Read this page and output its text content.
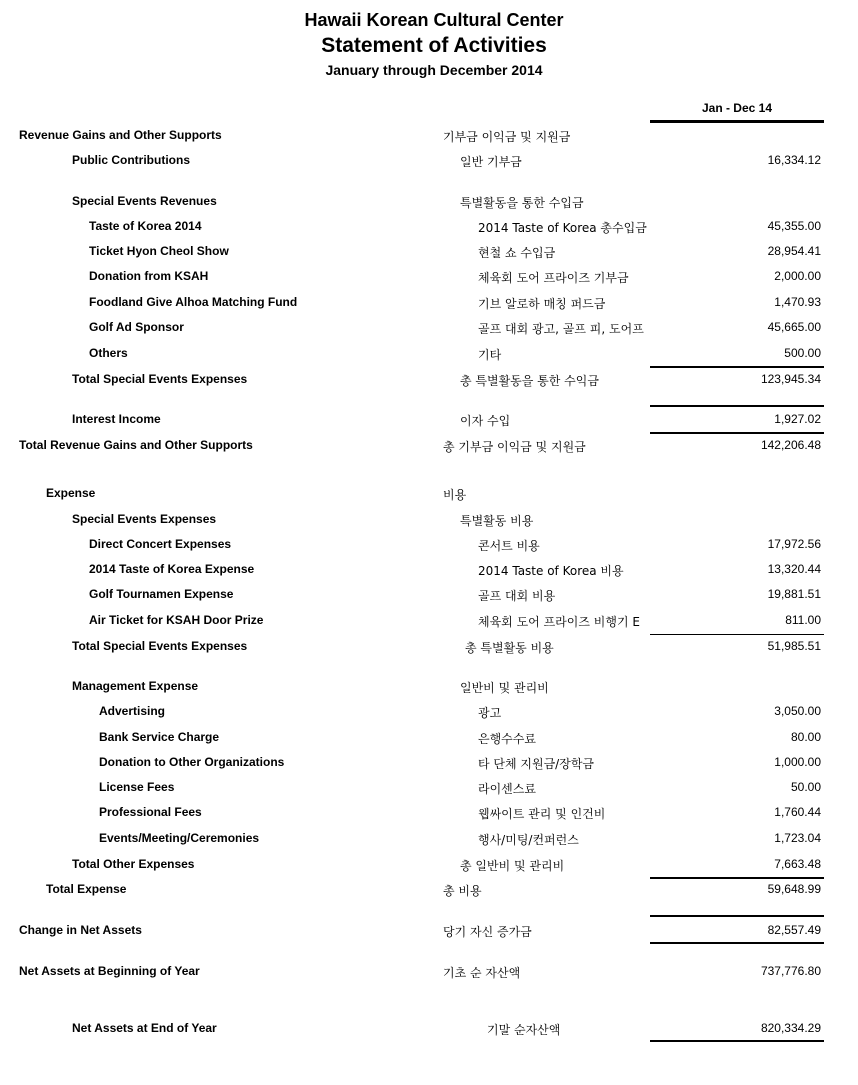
Hawaii Korean Cultural Center
Statement of Activities
January through December 2014
Jan - Dec 14
Revenue Gains and Other Supports	기부금 이익금 및 지원금
Public Contributions	일반 기부금	16,334.12
Special Events Revenues	특별활동을 통한 수입금
Taste of Korea 2014	2014 Taste of Korea 총수입금	45,355.00
Ticket Hyon Cheol Show	현철 쇼 수입금	28,954.41
Donation from KSAH	체육회 도어 프라이즈 기부금	2,000.00
Foodland Give Alhoa Matching Fund	기브 알로하 매칭 퍼드금	1,470.93
Golf Ad Sponsor	골프 대회 광고, 골프 피, 도어프	45,665.00
Others	기타	500.00
Total Special Events Expenses	총 특별활동을 통한 수익금	123,945.34
Interest Income	이자 수입	1,927.02
Total Revenue Gains and Other Supports	총 기부금 이익금 및 지원금	142,206.48
Expense	비용
Special Events Expenses	특별활동 비용
Direct Concert Expenses	콘서트 비용	17,972.56
2014 Taste of Korea Expense	2014 Taste of Korea 비용	13,320.44
Golf Tournamen Expense	골프 대회 비용	19,881.51
Air Ticket for KSAH Door Prize	체육회 도어 프라이즈 비행기 E	811.00
Total Special Events Expenses	총 특별활동 비용	51,985.51
Management Expense	일반비 및 관리비
Advertising	광고	3,050.00
Bank Service Charge	은행수수료	80.00
Donation to Other Organizations	타 단체 지원금/장학금	1,000.00
License Fees	라이센스료	50.00
Professional Fees	웹싸이트 관리 및 인건비	1,760.44
Events/Meeting/Ceremonies	행사/미팅/컨퍼런스	1,723.04
Total Other Expenses	총 일반비 및 관리비	7,663.48
Total Expense	총 비용	59,648.99
Change in Net Assets	당기 자신 증가금	82,557.49
Net Assets at Beginning of Year	기초 순 자산액	737,776.80
Net Assets at End of Year	기말 순자산액	820,334.29
